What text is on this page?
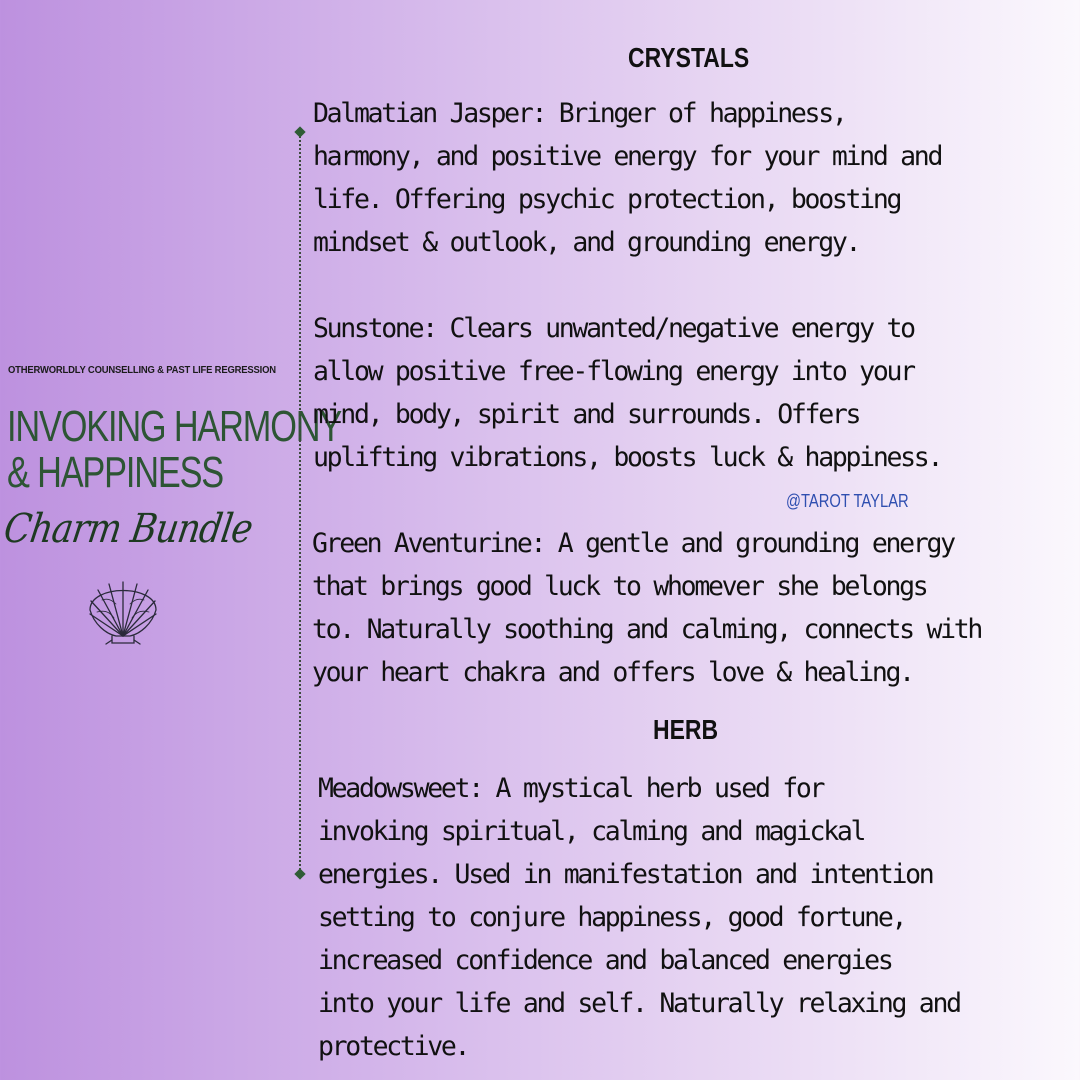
OTHERWORLDLY COUNSELLING & PAST LIFE REGRESSION
INVOKING HARMONY
& HAPPINESS
Charm Bundle
CRYSTALS
Dalmatian Jasper: Bringer of happiness,
harmony, and positive energy for your mind and
life. Offering psychic protection, boosting
mindset & outlook, and grounding energy.
Sunstone: Clears unwanted/negative energy to
allow positive free-flowing energy into your
mind, body, spirit and surrounds. Offers
uplifting vibrations, boosts luck & happiness.
@TAROT TAYLAR
Green Aventurine: A gentle and grounding energy
that brings good luck to whomever she belongs
to. Naturally soothing and calming, connects with
your heart chakra and offers love & healing.
HERB
Meadowsweet: A mystical herb used for
invoking spiritual, calming and magickal
energies. Used in manifestation and intention
setting to conjure happiness, good fortune,
increased confidence and balanced energies
into your life and self. Naturally relaxing and
protective.
